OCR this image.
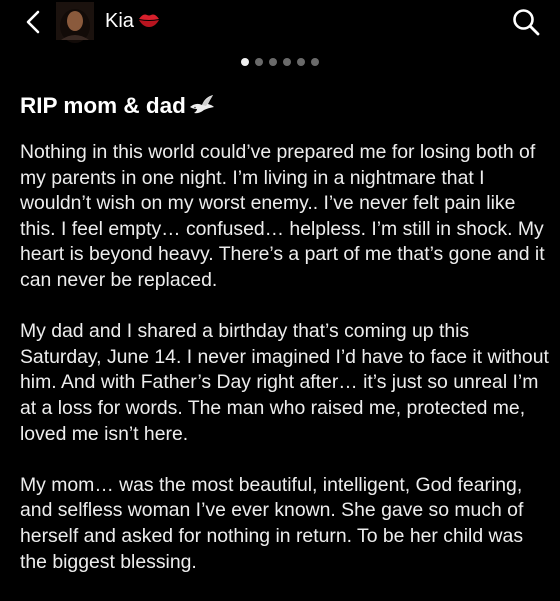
Kia
RIP mom & dad

Nothing in this world could’ve prepared me for losing both of my parents in one night. I’m living in a nightmare that I wouldn’t wish on my worst enemy.. I’ve never felt pain like this. I feel empty… confused… helpless. I’m still in shock. My heart is beyond heavy. There’s a part of me that’s gone and it can never be replaced.

My dad and I shared a birthday that’s coming up this Saturday, June 14. I never imagined I’d have to face it without him. And with Father’s Day right after… it’s just so unreal I’m at a loss for words. The man who raised me, protected me, loved me isn’t here.

My mom… was the most beautiful, intelligent, God fearing, and selfless woman I’ve ever known. She gave so much of herself and asked for nothing in return. To be her child was the biggest blessing.
